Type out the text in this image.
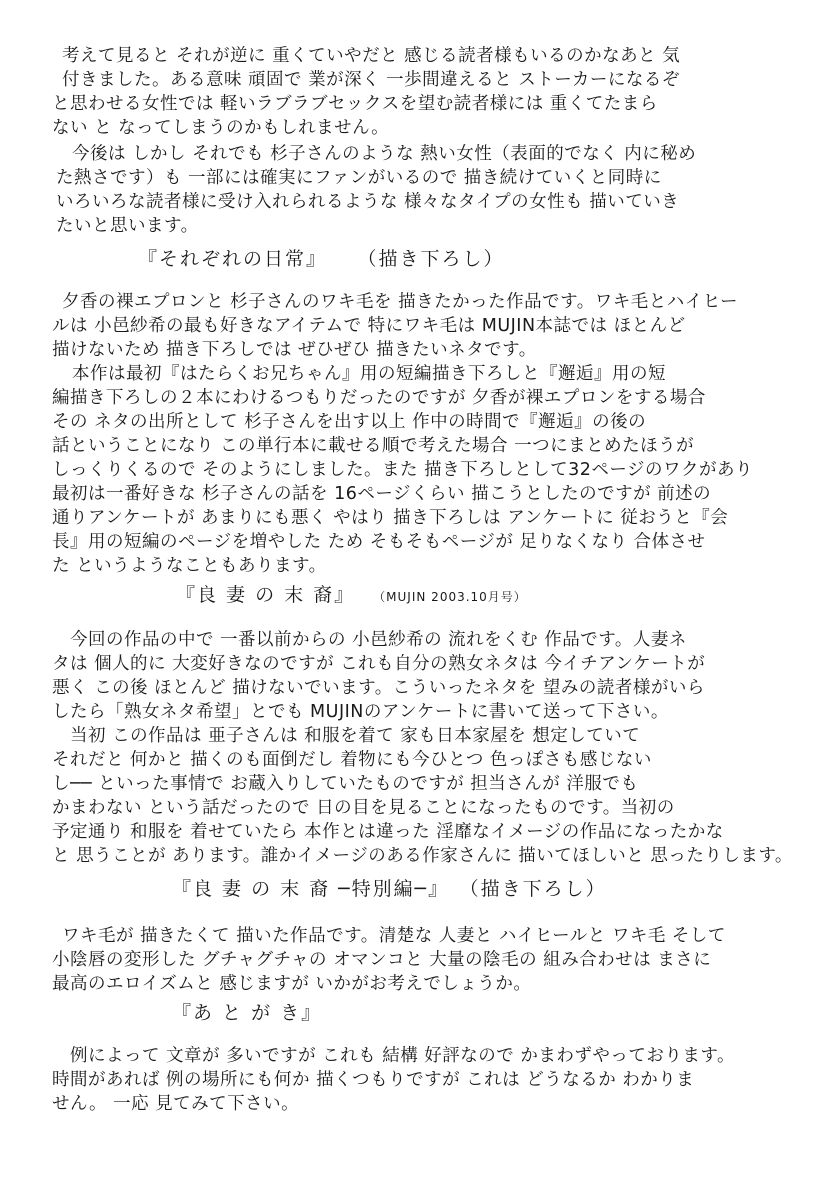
考えて見ると それが逆に 重くていやだと 感じる読者様もいるのかなあと 気
付きました。ある意味 頑固で 業が深く 一歩間違えると ストーカーになるぞ
と思わせる女性では 軽いラブラブセックスを望む読者様には 重くてたまら
ない と なってしまうのかもしれません。
今後は しかし それでも 杉子さんのような 熱い女性（表面的でなく 内に秘め
た熱さです）も 一部には確実にファンがいるので 描き続けていくと同時に
いろいろな読者様に受け入れられるような 様々なタイプの女性も 描いていき
たいと思います。
『それぞれの日常』 （描き下ろし）
夕香の裸エプロンと 杉子さんのワキ毛を 描きたかった作品です。ワキ毛とハイヒー
ルは 小邑紗希の最も好きなアイテムで 特にワキ毛は MUJIN本誌では ほとんど
描けないため 描き下ろしでは ぜひぜひ 描きたいネタです。
本作は最初『はたらくお兄ちゃん』用の短編描き下ろしと『邂逅』用の短
編描き下ろしの２本にわけるつもりだったのですが 夕香が裸エプロンをする場合
その ネタの出所として 杉子さんを出す以上 作中の時間で『邂逅』の後の
話ということになり この単行本に載せる順で考えた場合 一つにまとめたほうが
しっくりくるので そのようにしました。また 描き下ろしとして32ページのワクがあり
最初は一番好きな 杉子さんの話を 16ページくらい 描こうとしたのですが 前述の
通りアンケートが あまりにも悪く やはり 描き下ろしは アンケートに 従おうと『会
長』用の短編のページを増やした ため そもそもページが 足りなくなり 合体させ
た というようなこともあります。
『良 妻 の 末 裔』 （MUJIN 2003.10月号）
今回の作品の中で 一番以前からの 小邑紗希の 流れをくむ 作品です。人妻ネ
タは 個人的に 大変好きなのですが これも自分の熟女ネタは 今イチアンケートが
悪く この後 ほとんど 描けないでいます。こういったネタを 望みの読者様がいら
したら「熟女ネタ希望」とでも MUJINのアンケートに書いて送って下さい。
当初 この作品は 亜子さんは 和服を着て 家も日本家屋を 想定していて
それだと 何かと 描くのも面倒だし 着物にも今ひとつ 色っぽさも感じない
し── といった事情で お蔵入りしていたものですが 担当さんが 洋服でも
かまわない という話だったので 日の目を見ることになったものです。当初の
予定通り 和服を 着せていたら 本作とは違った 淫靡なイメージの作品になったかな
と 思うことが あります。誰かイメージのある作家さんに 描いてほしいと 思ったりします。
『良 妻 の 末 裔 ─特別編─』 （描き下ろし）
ワキ毛が 描きたくて 描いた作品です。清楚な 人妻と ハイヒールと ワキ毛 そして
小陰唇の変形した グチャグチャの オマンコと 大量の陰毛の 組み合わせは まさに
最高のエロイズムと 感じますが いかがお考えでしょうか。
『あ と が き』
例によって 文章が 多いですが これも 結構 好評なので かまわずやっております。
時間があれば 例の場所にも何か 描くつもりですが これは どうなるか わかりま
せん。 一応 見てみて下さい。
